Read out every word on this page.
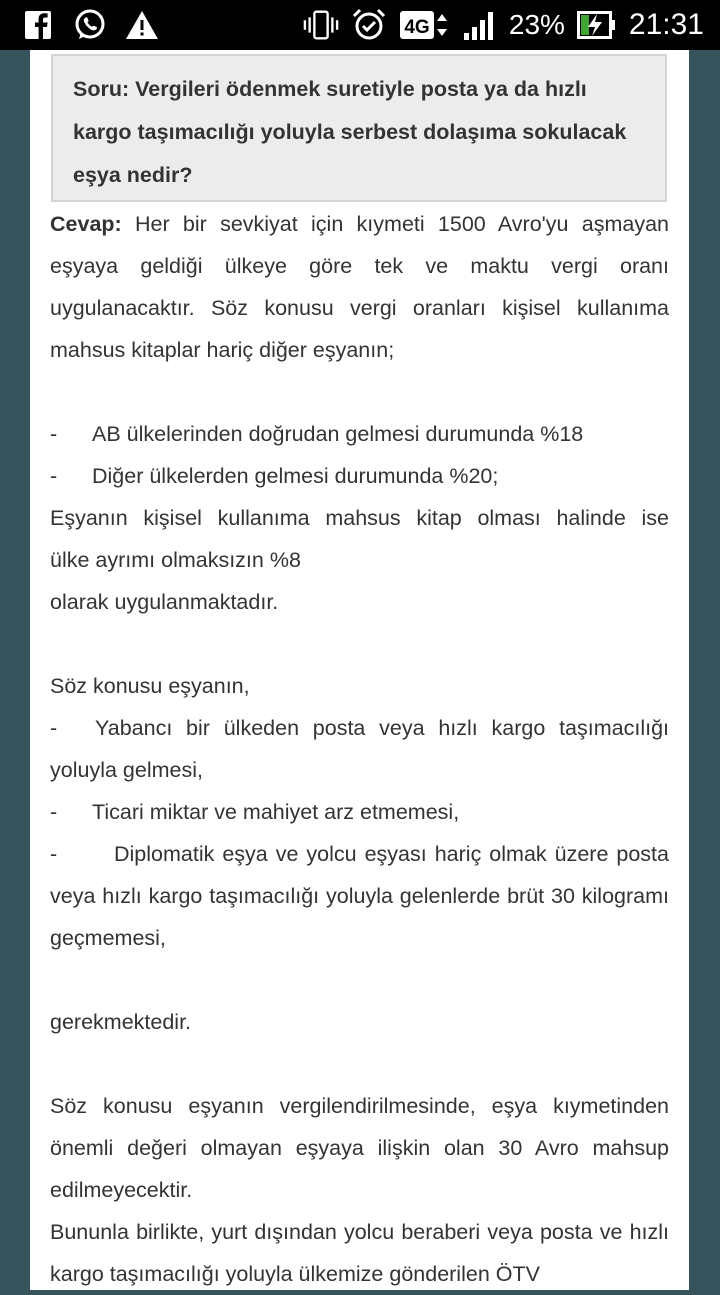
4G	23% 21:31
Soru: Vergileri ödenmek suretiyle posta ya da hızlı kargo taşımacılığı yoluyla serbest dolaşıma sokulacak eşya nedir?

Cevap: Her bir sevkiyat için kıymeti 1500 Avro'yu aşmayan eşyaya geldiği ülkeye göre tek ve maktu vergi oranı uygulanacaktır. Söz konusu vergi oranları kişisel kullanıma mahsus kitaplar hariç diğer eşyanın;

-	AB ülkelerinden doğrudan gelmesi durumunda %18
-	Diğer ülkelerden gelmesi durumunda %20;

Eşyanın kişisel kullanıma mahsus kitap olması halinde ise

ülke ayrımı olmaksızın %8

olarak uygulanmaktadır.

Söz konusu eşyanın,

- Yabancı bir ülkeden posta veya hızlı kargo taşımacılığı yoluyla gelmesi,

- Ticari miktar ve mahiyet arz etmemesi,

-	Diplomatik eşya ve yolcu eşyası hariç olmak üzere posta veya hızlı kargo taşımacılığı yoluyla gelenlerde brüt 30 kilogramı geçmemesi,

gerekmektedir.

Söz konusu eşyanın vergilendirilmesinde, eşya kıymetinden önemli değeri olmayan eşyaya ilişkin olan 30 Avro mahsup edilmeyecektir.

Bununla birlikte, yurt dışından yolcu beraberi veya posta ve hızlı kargo taşımacılığı yoluyla ülkemize gönderilen ÖTV
